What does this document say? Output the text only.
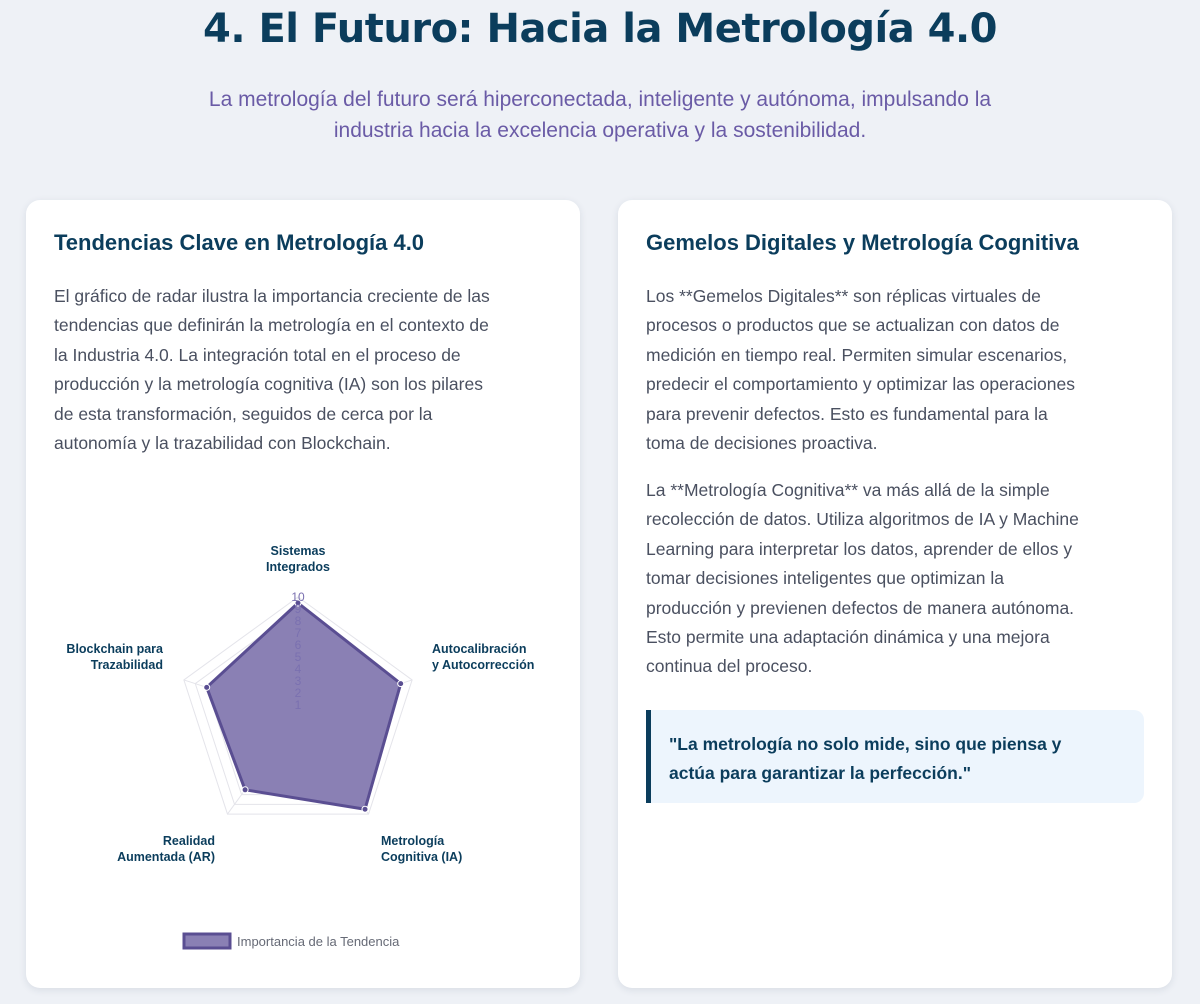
4. El Futuro: Hacia la Metrología 4.0

La metrología del futuro será hiperconectada, inteligente y autónoma, impulsando la
industria hacia la excelencia operativa y la sostenibilidad.

Tendencias Clave en Metrología 4.0

El gráfico de radar ilustra la importancia creciente de las
tendencias que definirán la metrología en el contexto de
la Industria 4.0. La integración total en el proceso de
producción y la metrología cognitiva (IA) son los pilares
de esta transformación, seguidos de cerca por la
autonomía y la trazabilidad con Blockchain.

1
2
3
4
5
6
7
8
9
10
Sistemas
Integrados
Autocalibración
y Autocorrección
Metrología
Cognitiva (IA)
Realidad
Aumentada (AR)
Blockchain para
Trazabilidad
Importancia de la Tendencia
Gemelos Digitales y Metrología Cognitiva

Los **Gemelos Digitales** son réplicas virtuales de
procesos o productos que se actualizan con datos de
medición en tiempo real. Permiten simular escenarios,
predecir el comportamiento y optimizar las operaciones
para prevenir defectos. Esto es fundamental para la
toma de decisiones proactiva.

La **Metrología Cognitiva** va más allá de la simple
recolección de datos. Utiliza algoritmos de IA y Machine
Learning para interpretar los datos, aprender de ellos y
tomar decisiones inteligentes que optimizan la
producción y previenen defectos de manera autónoma.
Esto permite una adaptación dinámica y una mejora
continua del proceso.

"La metrología no solo mide, sino que piensa y
actúa para garantizar la perfección."
